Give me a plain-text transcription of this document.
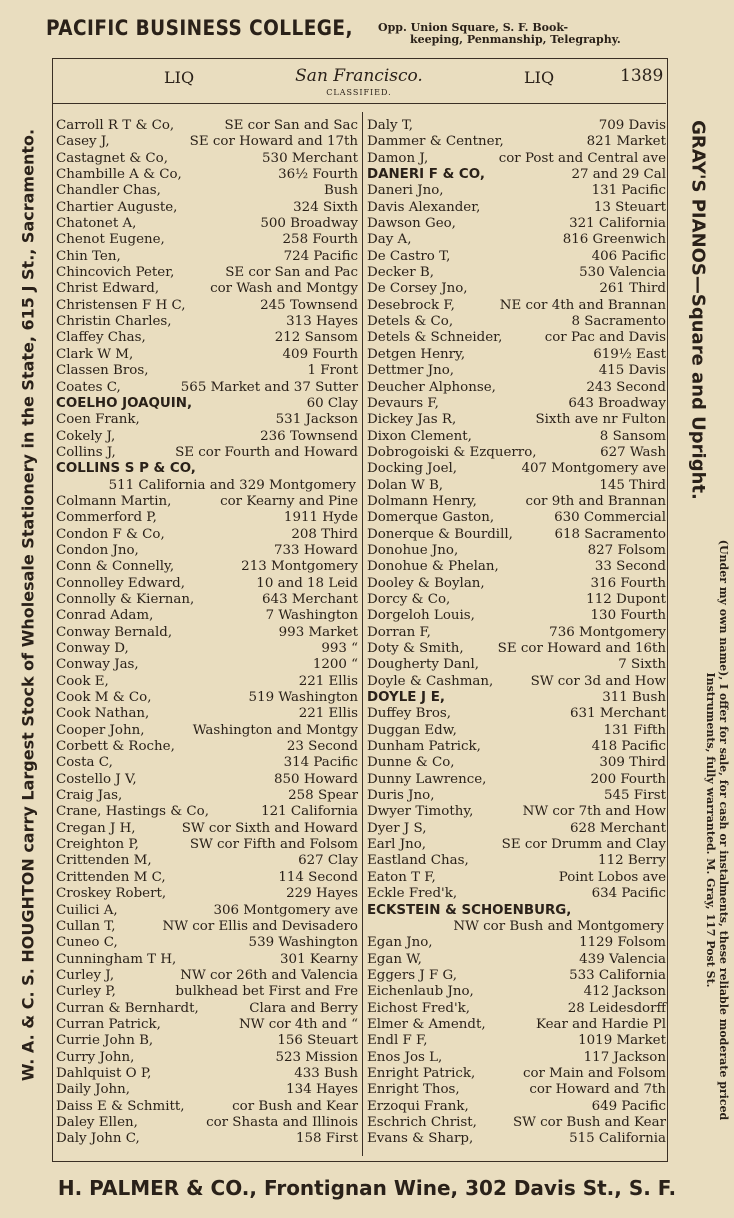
PACIFIC BUSINESS COLLEGE, Opp. Union Square, S. F. Book-
keeping, Penmanship, Telegraphy.
W. A. & C. S. HOUGHTON carry Largest Stock of Wholesale Stationery in the State, 615 J St., Sacramento.	GRAY'S PIANOS—Square and Upright.
(Under my own name), I offer for sale, for cash or instalments, these reliable moderate priced Instruments, fully warranted. M. Gray, 117 Post St.
LIQ	San Francisco.	LIQ	1389
CLASSIFIED.
Carroll R T & Co,	SE cor San and Sac
Casey J,	SE cor Howard and 17th
Castagnet & Co,	530 Merchant
Chambille A & Co,	36½ Fourth
Chandler Chas,	Bush
Chartier Auguste,	324 Sixth
Chatonet A,	500 Broadway
Chenot Eugene,	258 Fourth
Chin Ten,	724 Pacific
Chincovich Peter,	SE cor San and Pac
Christ Edward,	cor Wash and Montgy
Christensen F H C,	245 Townsend
Christin Charles,	313 Hayes
Claffey Chas,	212 Sansom
Clark W M,	409 Fourth
Classen Bros,	1 Front
Coates C,	565 Market and 37 Sutter
COELHO JOAQUIN,	60 Clay
Coen Frank,	531 Jackson
Cokely J,	236 Townsend
Collins J,	SE cor Fourth and Howard
COLLINS S P & CO,
511 California and 329 Montgomery
Colmann Martin,	cor Kearny and Pine
Commerford P,	1911 Hyde
Condon F & Co,	208 Third
Condon Jno,	733 Howard
Conn & Connelly,	213 Montgomery
Connolley Edward,	10 and 18 Leid
Connolly & Kiernan,	643 Merchant
Conrad Adam,	7 Washington
Conway Bernald,	993 Market
Conway D,	993 “
Conway Jas,	1200 “
Cook E,	221 Ellis
Cook M & Co,	519 Washington
Cook Nathan,	221 Ellis
Cooper John,	Washington and Montgy
Corbett & Roche,	23 Second
Costa C,	314 Pacific
Costello J V,	850 Howard
Craig Jas,	258 Spear
Crane, Hastings & Co,	121 California
Cregan J H,	SW cor Sixth and Howard
Creighton P,	SW cor Fifth and Folsom
Crittenden M,	627 Clay
Crittenden M C,	114 Second
Croskey Robert,	229 Hayes
Cuilici A,	306 Montgomery ave
Cullan T,	NW cor Ellis and Devisadero
Cuneo C,	539 Washington
Cunningham T H,	301 Kearny
Curley J,	NW cor 26th and Valencia
Curley P,	bulkhead bet First and Fre
Curran & Bernhardt,	Clara and Berry
Curran Patrick,	NW cor 4th and “
Currie John B,	156 Steuart
Curry John,	523 Mission
Dahlquist O P,	433 Bush
Daily John,	134 Hayes
Daiss E & Schmitt,	cor Bush and Kear
Daley Ellen,	cor Shasta and Illinois
Daly John C,	158 First
Daly T,	709 Davis
Dammer & Centner,	821 Market
Damon J,	cor Post and Central ave
DANERI F & CO,	27 and 29 Cal
Daneri Jno,	131 Pacific
Davis Alexander,	13 Steuart
Dawson Geo,	321 California
Day A,	816 Greenwich
De Castro T,	406 Pacific
Decker B,	530 Valencia
De Corsey Jno,	261 Third
Desebrock F,	NE cor 4th and Brannan
Detels & Co,	8 Sacramento
Detels & Schneider,	cor Pac and Davis
Detgen Henry,	619½ East
Dettmer Jno,	415 Davis
Deucher Alphonse,	243 Second
Devaurs F,	643 Broadway
Dickey Jas R,	Sixth ave nr Fulton
Dixon Clement,	8 Sansom
Dobrogoiski & Ezquerro,	627 Wash
Docking Joel,	407 Montgomery ave
Dolan W B,	145 Third
Dolmann Henry,	cor 9th and Brannan
Domerque Gaston,	630 Commercial
Donerque & Bourdill,	618 Sacramento
Donohue Jno,	827 Folsom
Donohue & Phelan,	33 Second
Dooley & Boylan,	316 Fourth
Dorcy & Co,	112 Dupont
Dorgeloh Louis,	130 Fourth
Dorran F,	736 Montgomery
Doty & Smith,	SE cor Howard and 16th
Dougherty Danl,	7 Sixth
Doyle & Cashman,	SW cor 3d and How
DOYLE J E,	311 Bush
Duffey Bros,	631 Merchant
Duggan Edw,	131 Fifth
Dunham Patrick,	418 Pacific
Dunne & Co,	309 Third
Dunny Lawrence,	200 Fourth
Duris Jno,	545 First
Dwyer Timothy,	NW cor 7th and How
Dyer J S,	628 Merchant
Earl Jno,	SE cor Drumm and Clay
Eastland Chas,	112 Berry
Eaton T F,	Point Lobos ave
Eckle Fred'k,	634 Pacific
ECKSTEIN & SCHOENBURG,
NW cor Bush and Montgomery
Egan Jno,	1129 Folsom
Egan W,	439 Valencia
Eggers J F G,	533 California
Eichenlaub Jno,	412 Jackson
Eichost Fred'k,	28 Leidesdorff
Elmer & Amendt,	Kear and Hardie Pl
Endl F F,	1019 Market
Enos Jos L,	117 Jackson
Enright Patrick,	cor Main and Folsom
Enright Thos,	cor Howard and 7th
Erzoqui Frank,	649 Pacific
Eschrich Christ,	SW cor Bush and Kear
Evans & Sharp,	515 California
H. PALMER & CO., Frontignan Wine, 302 Davis St., S. F.
